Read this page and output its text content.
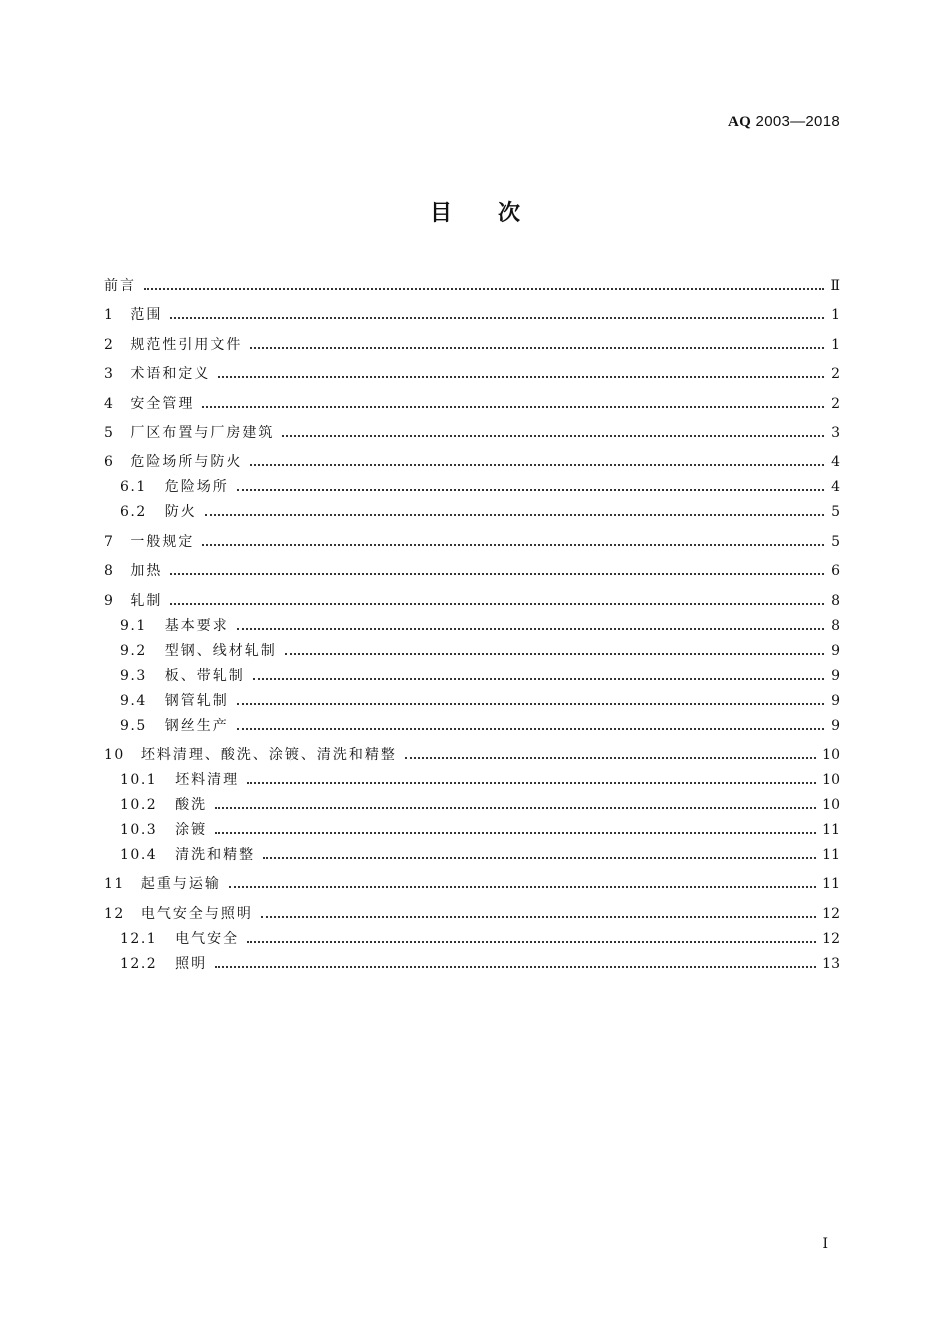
AQ 2003—2018
目次
前言	Ⅱ
1 范围	1
2 规范性引用文件	1
3 术语和定义	2
4 安全管理	2
5 厂区布置与厂房建筑	3
6 危险场所与防火	4
6.1 危险场所	4
6.2 防火	5
7 一般规定	5
8 加热	6
9 轧制	8
9.1 基本要求	8
9.2 型钢、线材轧制	9
9.3 板、带轧制	9
9.4 钢管轧制	9
9.5 钢丝生产	9
10 坯料清理、酸洗、涂镀、清洗和精整	10
10.1 坯料清理	10
10.2 酸洗	10
10.3 涂镀	11
10.4 清洗和精整	11
11 起重与运输	11
12 电气安全与照明	12
12.1 电气安全	12
12.2 照明	13
I
